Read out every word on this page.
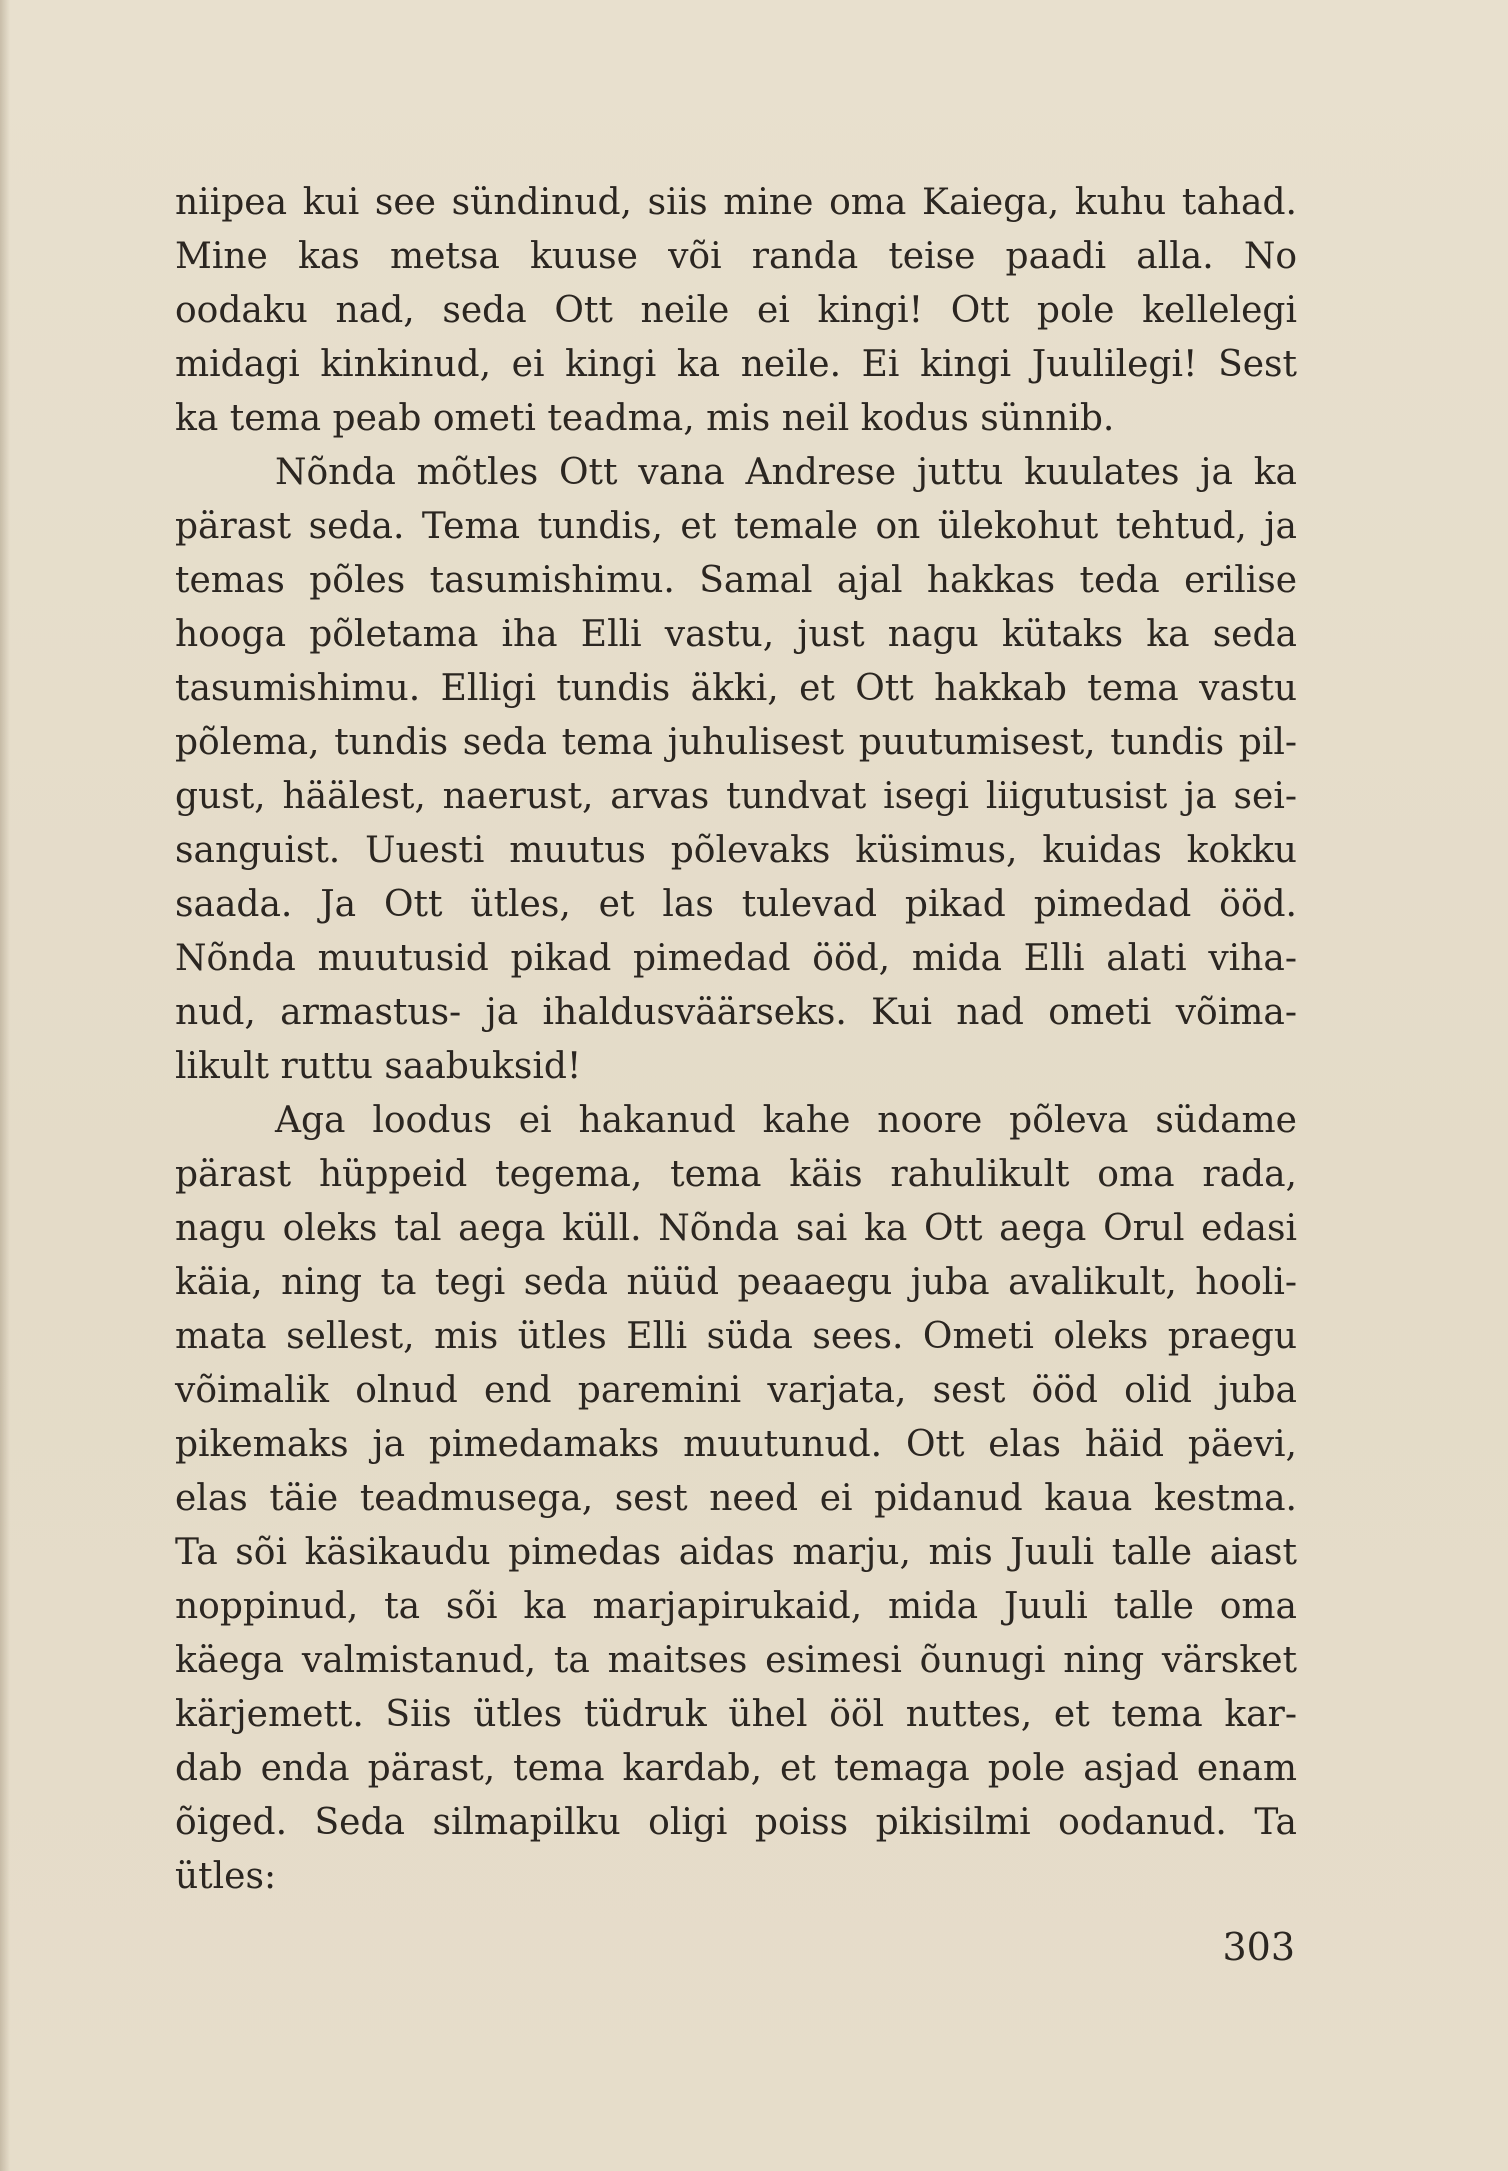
niipea kui see sündinud, siis mine oma Kaiega, kuhu tahad.
Mine kas metsa kuuse või randa teise paadi alla. No
oodaku nad, seda Ott neile ei kingi! Ott pole kellelegi
midagi kinkinud, ei kingi ka neile. Ei kingi Juulilegi! Sest
ka tema peab ometi teadma, mis neil kodus sünnib.
Nõnda mõtles Ott vana Andrese juttu kuulates ja ka
pärast seda. Tema tundis, et temale on ülekohut tehtud, ja
temas põles tasumishimu. Samal ajal hakkas teda erilise
hooga põletama iha Elli vastu, just nagu kütaks ka seda
tasumishimu. Elligi tundis äkki, et Ott hakkab tema vastu
põlema, tundis seda tema juhulisest puutumisest, tundis pil-
gust, häälest, naerust, arvas tundvat isegi liigutusist ja sei-
sanguist. Uuesti muutus põlevaks küsimus, kuidas kokku
saada. Ja Ott ütles, et las tulevad pikad pimedad ööd.
Nõnda muutusid pikad pimedad ööd, mida Elli alati viha-
nud, armastus- ja ihaldusväärseks. Kui nad ometi võima-
likult ruttu saabuksid!
Aga loodus ei hakanud kahe noore põleva südame
pärast hüppeid tegema, tema käis rahulikult oma rada,
nagu oleks tal aega küll. Nõnda sai ka Ott aega Orul edasi
käia, ning ta tegi seda nüüd peaaegu juba avalikult, hooli-
mata sellest, mis ütles Elli süda sees. Ometi oleks praegu
võimalik olnud end paremini varjata, sest ööd olid juba
pikemaks ja pimedamaks muutunud. Ott elas häid päevi,
elas täie teadmusega, sest need ei pidanud kaua kestma.
Ta sõi käsikaudu pimedas aidas marju, mis Juuli talle aiast
noppinud, ta sõi ka marjapirukaid, mida Juuli talle oma
käega valmistanud, ta maitses esimesi õunugi ning värsket
kärjemett. Siis ütles tüdruk ühel ööl nuttes, et tema kar-
dab enda pärast, tema kardab, et temaga pole asjad enam
õiged. Seda silmapilku oligi poiss pikisilmi oodanud. Ta
ütles:
303
